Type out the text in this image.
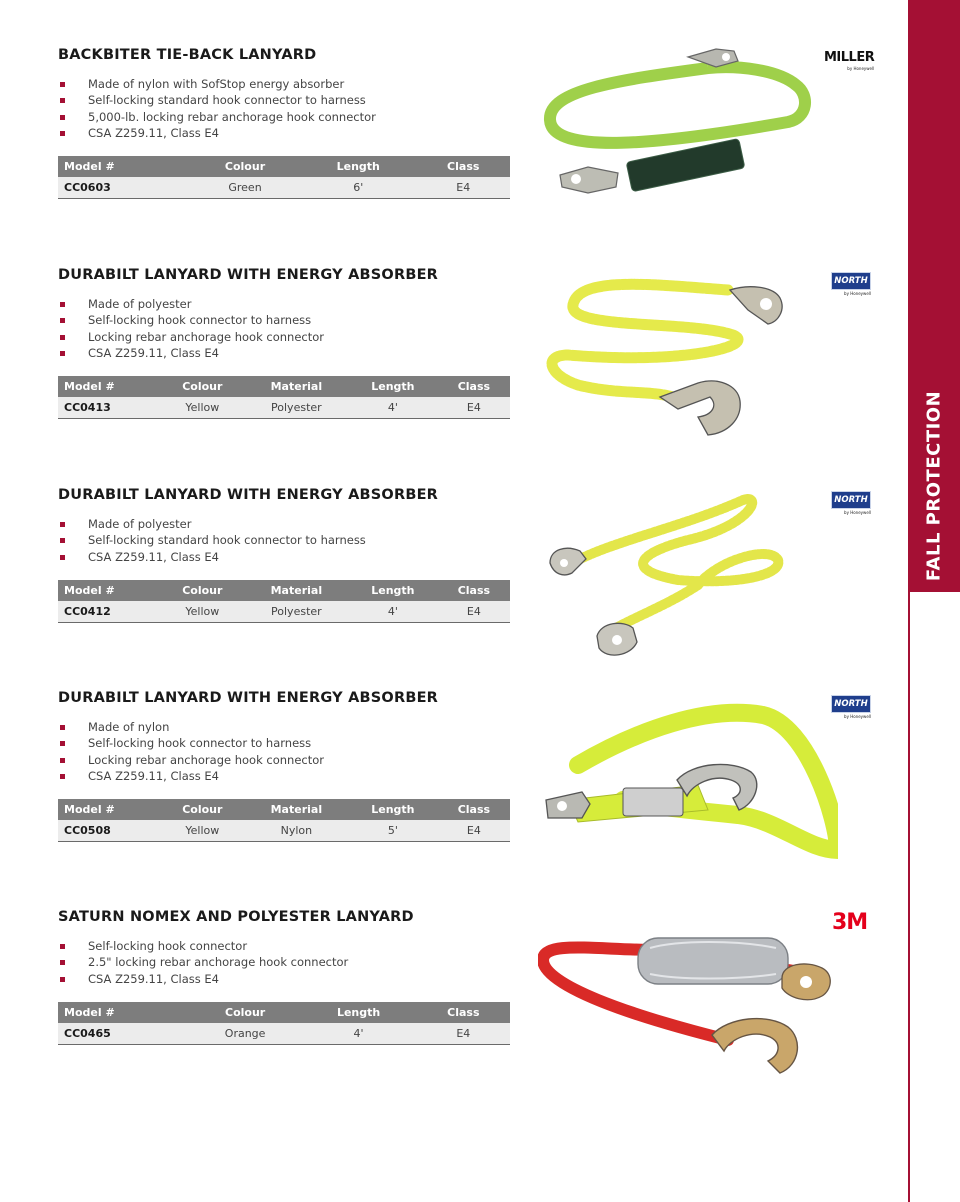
FALL PROTECTION
BACKBITER TIE-BACK LANYARD
Made of nylon with SofStop energy absorber
Self-locking standard hook connector to harness
5,000-lb. locking rebar anchorage hook connector
CSA Z259.11, Class E4
Model #	Colour	Length	Class
CC0603	Green	6'	E4
DURABILT LANYARD WITH ENERGY ABSORBER
Made of polyester
Self-locking hook connector to harness
Locking rebar anchorage hook connector
CSA Z259.11, Class E4
Model #	Colour	Material	Length	Class
CC0413	Yellow	Polyester	4'	E4
DURABILT LANYARD WITH ENERGY ABSORBER
Made of polyester
Self-locking standard hook connector to harness
CSA Z259.11, Class E4
Model #	Colour	Material	Length	Class
CC0412	Yellow	Polyester	4'	E4
DURABILT LANYARD WITH ENERGY ABSORBER
Made of nylon
Self-locking hook connector to harness
Locking rebar anchorage hook connector
CSA Z259.11, Class E4
Model #	Colour	Material	Length	Class
CC0508	Yellow	Nylon	5'	E4
SATURN NOMEX AND POLYESTER LANYARD
Self-locking hook connector
2.5" locking rebar anchorage hook connector
CSA Z259.11, Class E4
Model #	Colour	Length	Class
CC0465	Orange	4'	E4
MILLER
by Honeywell
NORTH
by Honeywell
NORTH
by Honeywell
NORTH
by Honeywell
3M
